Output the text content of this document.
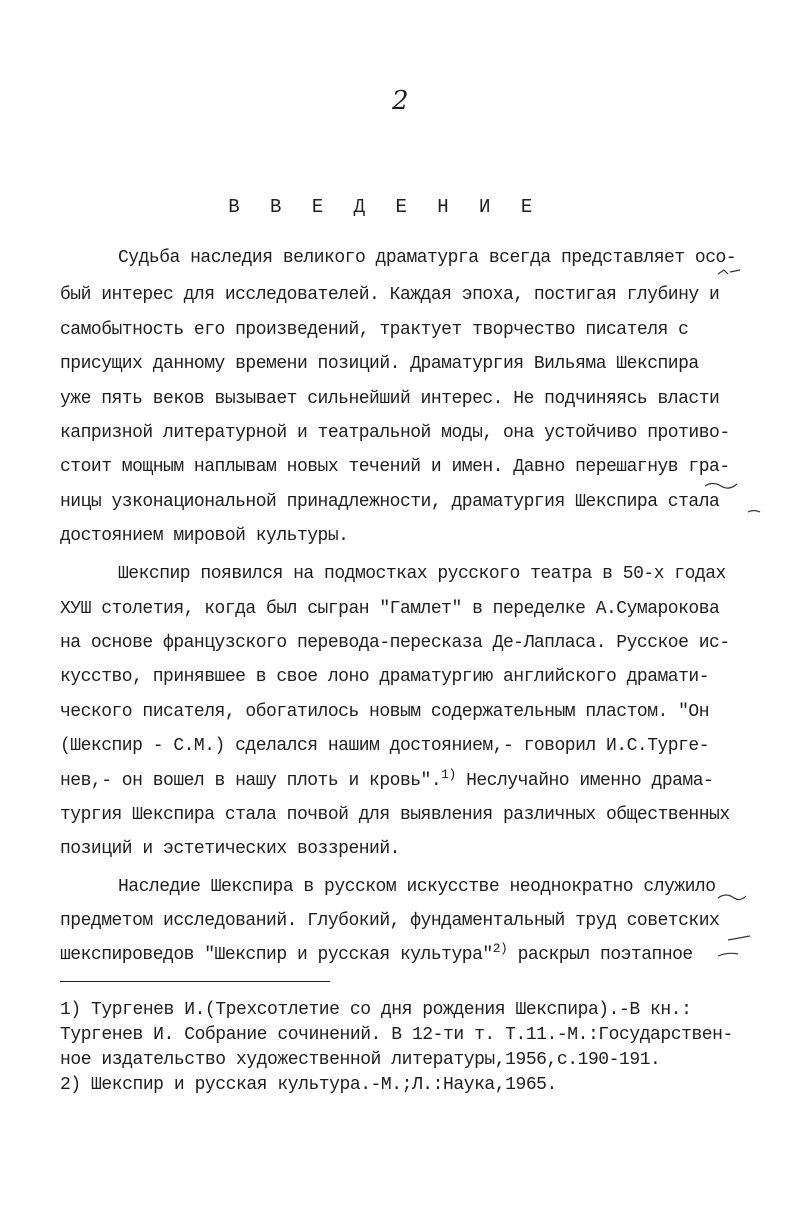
2
В В Е Д Е Н И Е
Судьба наследия великого драматурга всегда представляет осо-
бый интерес для исследователей. Каждая эпоха, постигая глубину и
самобытность его произведений, трактует творчество писателя с
присущих данному времени позиций. Драматургия Вильяма Шекспира
уже пять веков вызывает сильнейший интерес. Не подчиняясь власти
капризной литературной и театральной моды, она устойчиво противо-
стоит мощным наплывам новых течений и имен. Давно перешагнув гра-
ницы узконациональной принадлежности, драматургия Шекспира стала
достоянием мировой культуры.
Шекспир появился на подмостках русского театра в 50-х годах
ХУШ столетия, когда был сыгран "Гамлет" в переделке А.Сумарокова
на основе французского перевода-пересказа Де-Лапласа. Русское ис-
кусство, принявшее в свое лоно драматургию английского драмати-
ческого писателя, обогатилось новым содержательным пластом. "Он
(Шекспир - С.М.) сделался нашим достоянием,- говорил И.С.Турге-
нев,- он вошел в нашу плоть и кровь".$^{1)}$ Неслучайно именно драма-
тургия Шекспира стала почвой для выявления различных общественных
позиций и эстетических воззрений.
Наследие Шекспира в русском искусстве неоднократно служило
предметом исследований. Глубокий, фундаментальный труд советских
шекспироведов "Шекспир и русская культура"$^{2)}$ раскрыл поэтапное
1) Тургенев И.(Трехсотлетие со дня рождения Шекспира).-В кн.:
Тургенев И. Собрание сочинений. В 12-ти т. Т.11.-М.:Государствен-
ное издательство художественной литературы,1956,с.190-191.
2) Шекспир и русская культура.-М.;Л.:Наука,1965.
